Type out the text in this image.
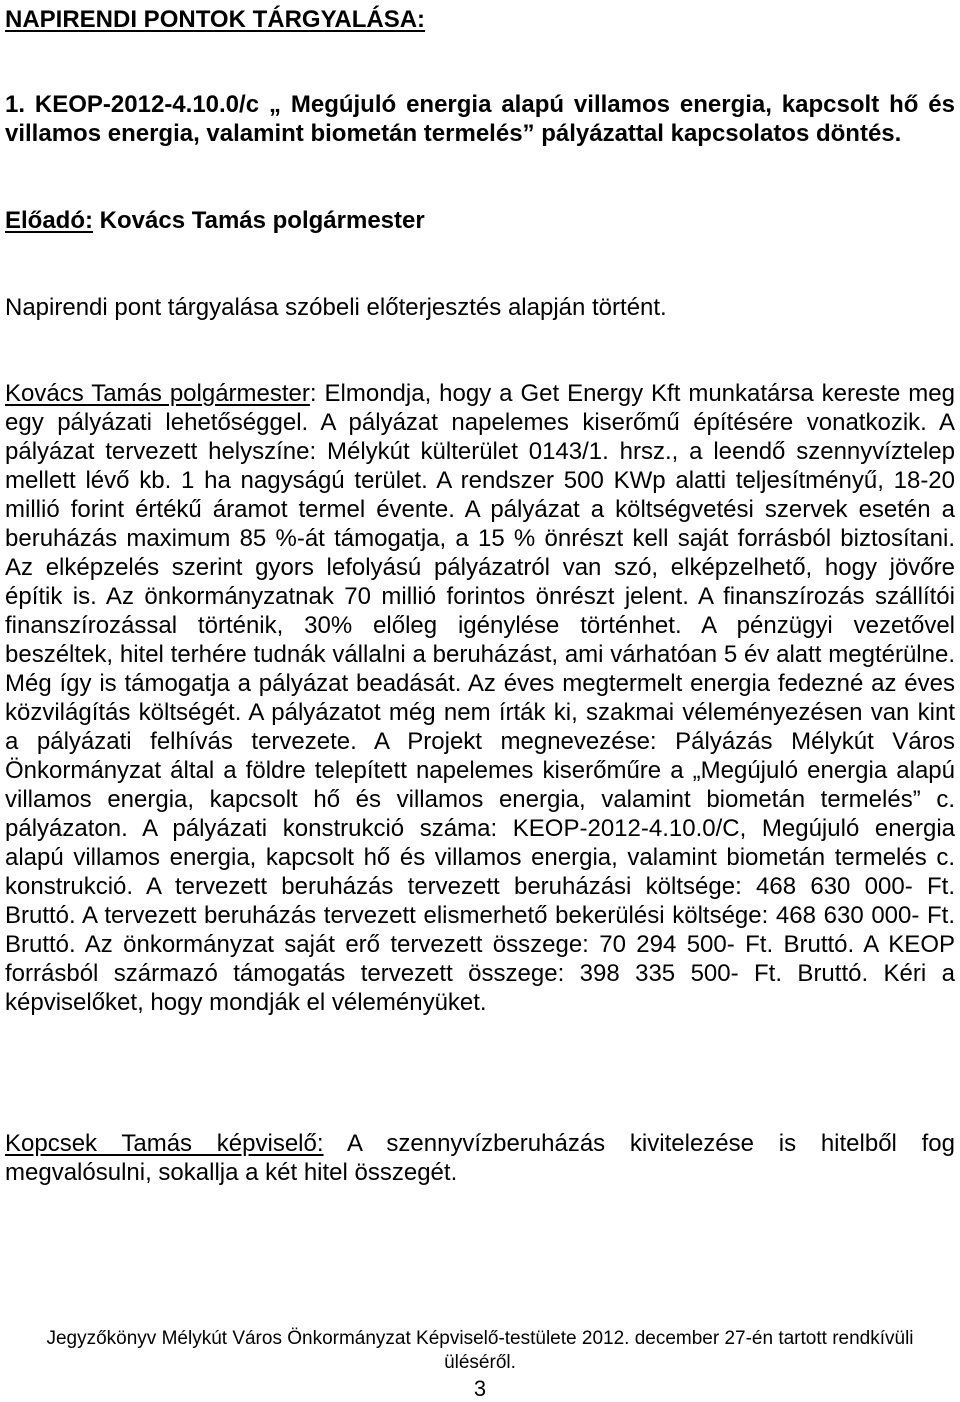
NAPIRENDI PONTOK TÁRGYALÁSA:
1. KEOP-2012-4.10.0/c „ Megújuló energia alapú villamos energia, kapcsolt hő és villamos energia, valamint biometán termelés” pályázattal kapcsolatos döntés.
Előadó: Kovács Tamás polgármester
Napirendi pont tárgyalása szóbeli előterjesztés alapján történt.
Kovács Tamás polgármester: Elmondja, hogy a Get Energy Kft munkatársa kereste meg egy pályázati lehetőséggel. A pályázat napelemes kiserőmű építésére vonatkozik. A pályázat tervezett helyszíne: Mélykút külterület 0143/1. hrsz., a leendő szennyvíztelep mellett lévő kb. 1 ha nagyságú terület. A rendszer 500 KWp alatti teljesítményű, 18-20 millió forint értékű áramot termel évente. A pályázat a költségvetési szervek esetén a beruházás maximum 85 %-át támogatja, a 15 % önrészt kell saját forrásból biztosítani. Az elképzelés szerint gyors lefolyású pályázatról van szó, elképzelhető, hogy jövőre építik is. Az önkormányzatnak 70 millió forintos önrészt jelent. A finanszírozás szállítói finanszírozással történik, 30% előleg igénylése történhet. A pénzügyi vezetővel beszéltek, hitel terhére tudnák vállalni a beruházást, ami várhatóan 5 év alatt megtérülne. Még így is támogatja a pályázat beadását. Az éves megtermelt energia fedezné az éves közvilágítás költségét. A pályázatot még nem írták ki, szakmai véleményezésen van kint a pályázati felhívás tervezete. A Projekt megnevezése: Pályázás Mélykút Város Önkormányzat által a földre telepített napelemes kiserőműre a „Megújuló energia alapú villamos energia, kapcsolt hő és villamos energia, valamint biometán termelés” c. pályázaton. A pályázati konstrukció száma: KEOP-2012-4.10.0/C, Megújuló energia alapú villamos energia, kapcsolt hő és villamos energia, valamint biometán termelés c. konstrukció. A tervezett beruházás tervezett beruházási költsége: 468 630 000- Ft. Bruttó. A tervezett beruházás tervezett elismerhető bekerülési költsége: 468 630 000- Ft. Bruttó. Az önkormányzat saját erő tervezett összege: 70 294 500- Ft. Bruttó. A KEOP forrásból származó támogatás tervezett összege: 398 335 500- Ft. Bruttó. Kéri a képviselőket, hogy mondják el véleményüket.
Kopcsek Tamás képviselő: A szennyvízberuházás kivitelezése is hitelből fog megvalósulni, sokallja a két hitel összegét.
Jegyzőkönyv Mélykút Város Önkormányzat Képviselő-testülete 2012. december 27-én tartott rendkívüli üléséről.
3
